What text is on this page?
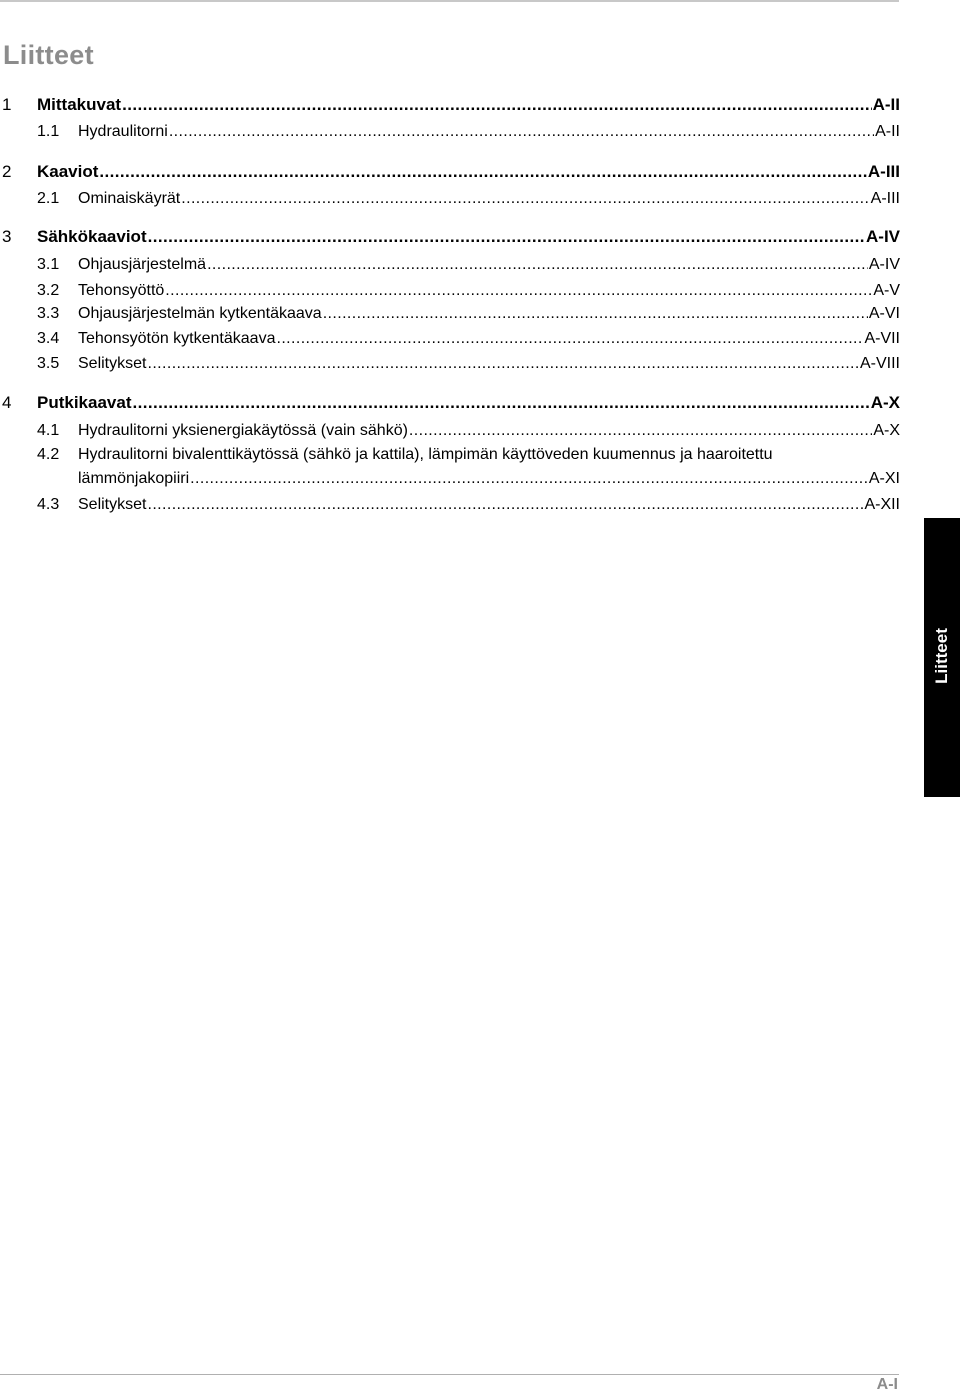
Liitteet
1 Mittakuvat .....	A-II
1.1 Hydraulitorni .....	A-II
2 Kaaviot .....	A-III
2.1 Ominaiskäyrät .....	A-III
3 Sähkökaaviot .....	A-IV
3.1 Ohjausjärjestelmä .....	A-IV
3.2 Tehonsyöttö .....	A-V
3.3 Ohjausjärjestelmän kytkentäkaava .....	A-VI
3.4 Tehonsyötön kytkentäkaava .....	A-VII
3.5 Selitykset .....	A-VIII
4 Putkikaavat .....	A-X
4.1 Hydraulitorni yksienergiakäytössä (vain sähkö) .....	A-X
4.2 Hydraulitorni bivalenttikäytössä (sähkö ja kattila), lämpimän käyttöveden kuumennus ja haaroitettu
lämmönjakopiiri .....	A-XI
4.3 Selitykset .....	A-XII
Liitteet
A-I
